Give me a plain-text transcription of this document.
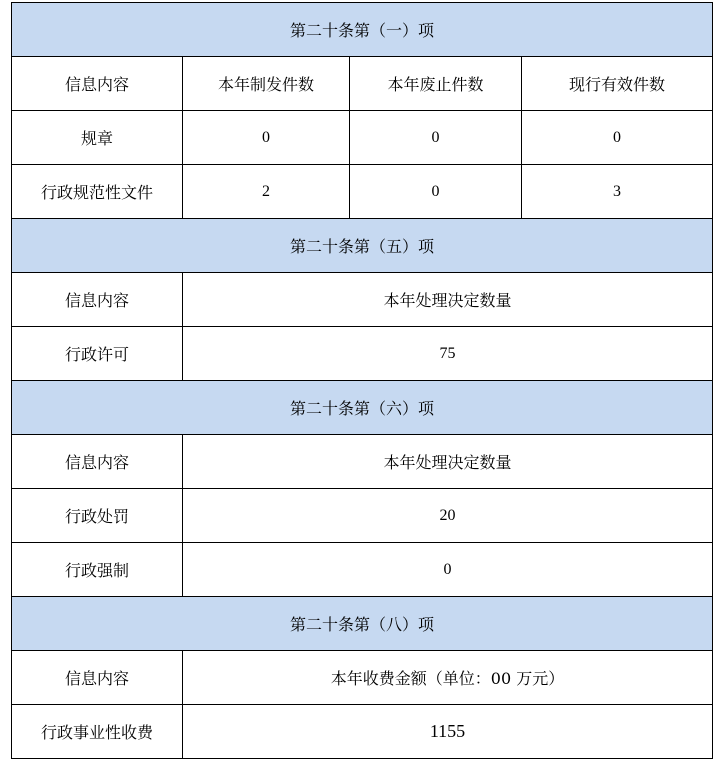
第二十条第（一）项			
信息内容	本年制发件数	本年废止件数	现行有效件数
规章	0	0	0
行政规范性文件	2	0	3
第二十条第（五）项			
信息内容	本年处理决定数量		
行政许可	75		
第二十条第（六）项			
信息内容	本年处理决定数量		
行政处罚	20		
行政强制	0		
第二十条第（八）项			
信息内容	本年收费金额（单位：00 万元）		
行政事业性收费	1155		
